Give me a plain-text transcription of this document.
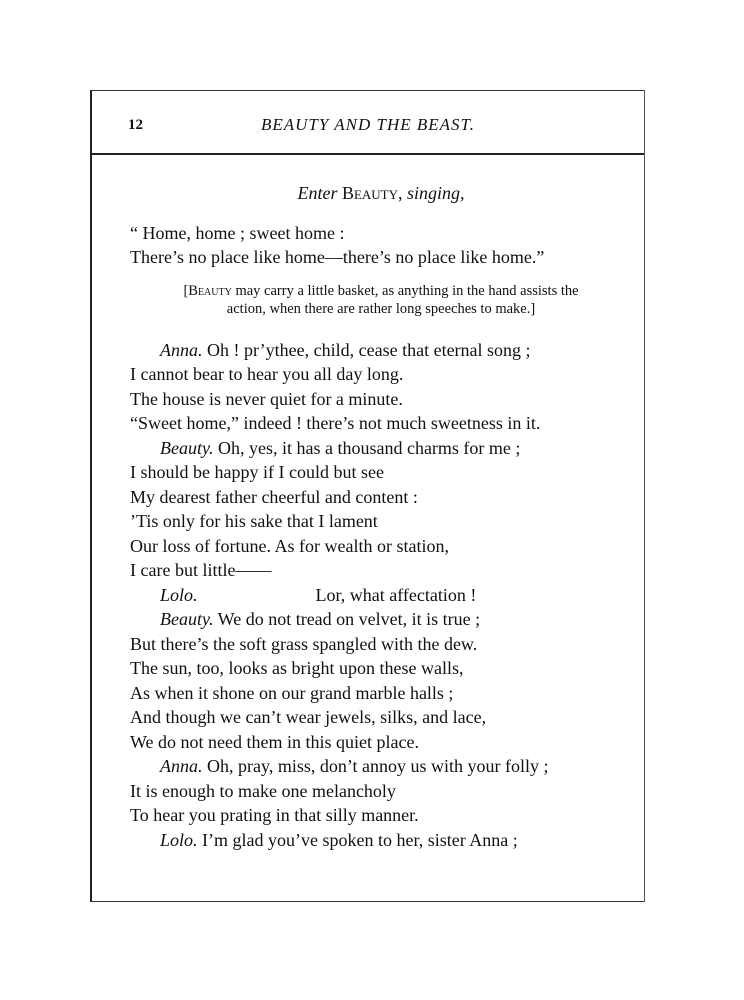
12	BEAUTY AND THE BEAST.
Enter Beauty, singing,
“ Home, home ; sweet home :
There’s no place like home—there’s no place like home.”
[Beauty may carry a little basket, as anything in the hand assists the
action, when there are rather long speeches to make.]
Anna. Oh ! pr’ythee, child, cease that eternal song ;
I cannot bear to hear you all day long.
The house is never quiet for a minute.
“Sweet home,” indeed ! there’s not much sweetness in it.
Beauty. Oh, yes, it has a thousand charms for me ;
I should be happy if I could but see
My dearest father cheerful and content :
’Tis only for his sake that I lament
Our loss of fortune. As for wealth or station,
I care but little——
Lolo.	Lor, what affectation !
Beauty. We do not tread on velvet, it is true ;
But there’s the soft grass spangled with the dew.
The sun, too, looks as bright upon these walls,
As when it shone on our grand marble halls ;
And though we can’t wear jewels, silks, and lace,
We do not need them in this quiet place.
Anna. Oh, pray, miss, don’t annoy us with your folly ;
It is enough to make one melancholy
To hear you prating in that silly manner.
Lolo. I’m glad you’ve spoken to her, sister Anna ;
